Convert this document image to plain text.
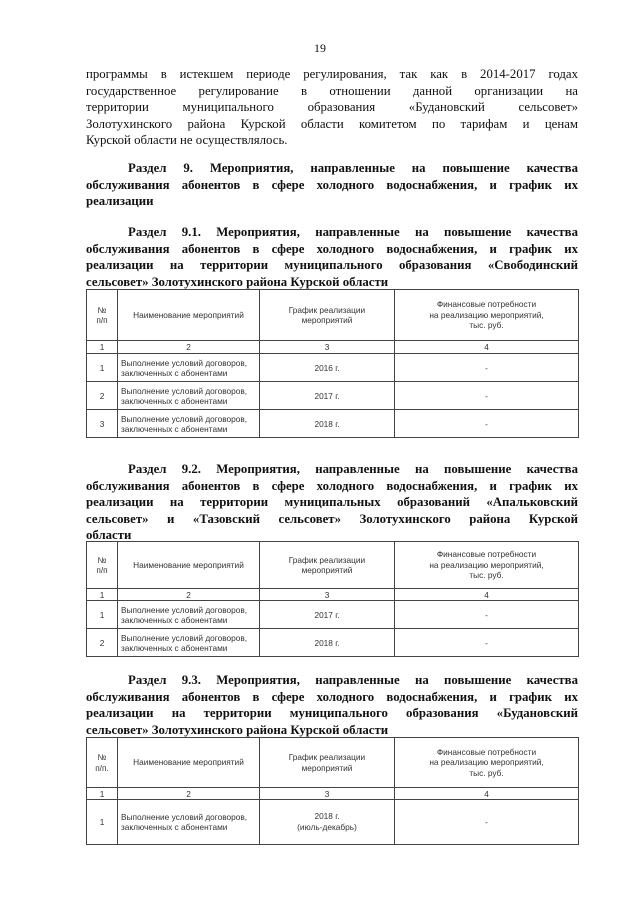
19
программы в истекшем периоде регулирования, так как в 2014-2017 годах
государственное регулирование в отношении данной организации на
территории муниципального образования «Будановский сельсовет»
Золотухинского района Курской области комитетом по тарифам и ценам
Курской области не осуществлялось.
Раздел 9. Мероприятия, направленные на повышение качества
обслуживания абонентов в сфере холодного водоснабжения, и график их
реализации
Раздел 9.1. Мероприятия, направленные на повышение качества
обслуживания абонентов в сфере холодного водоснабжения, и график их
реализации на территории муниципального образования «Свободинский
сельсовет» Золотухинского района Курской области
№
п/п	Наименование мероприятий	График реализации
мероприятий	Финансовые потребности
на реализацию мероприятий,
тыс. руб.
1	2	3	4
1	Выполнение условий договоров, заключенных с абонентами	2016 г.	-
2	Выполнение условий договоров, заключенных с абонентами	2017 г.	-
3	Выполнение условий договоров, заключенных с абонентами	2018 г.	-
Раздел 9.2. Мероприятия, направленные на повышение качества
обслуживания абонентов в сфере холодного водоснабжения, и график их
реализации на территории муниципальных образований «Апальковский
сельсовет» и «Тазовский сельсовет» Золотухинского района Курской
области
№
п/п	Наименование мероприятий	График реализации
мероприятий	Финансовые потребности
на реализацию мероприятий,
тыс. руб.
1	2	3	4
1	Выполнение условий договоров, заключенных с абонентами	2017 г.	-
2	Выполнение условий договоров, заключенных с абонентами	2018 г.	-
Раздел 9.3. Мероприятия, направленные на повышение качества
обслуживания абонентов в сфере холодного водоснабжения, и график их
реализации на территории муниципального образования «Будановский
сельсовет» Золотухинского района Курской области
№
п/п.	Наименование мероприятий	График реализации
мероприятий	Финансовые потребности
на реализацию мероприятий,
тыс. руб.
1	2	3	4
1	Выполнение условий договоров, заключенных с абонентами	2018 г.
(июль-декабрь)	-
